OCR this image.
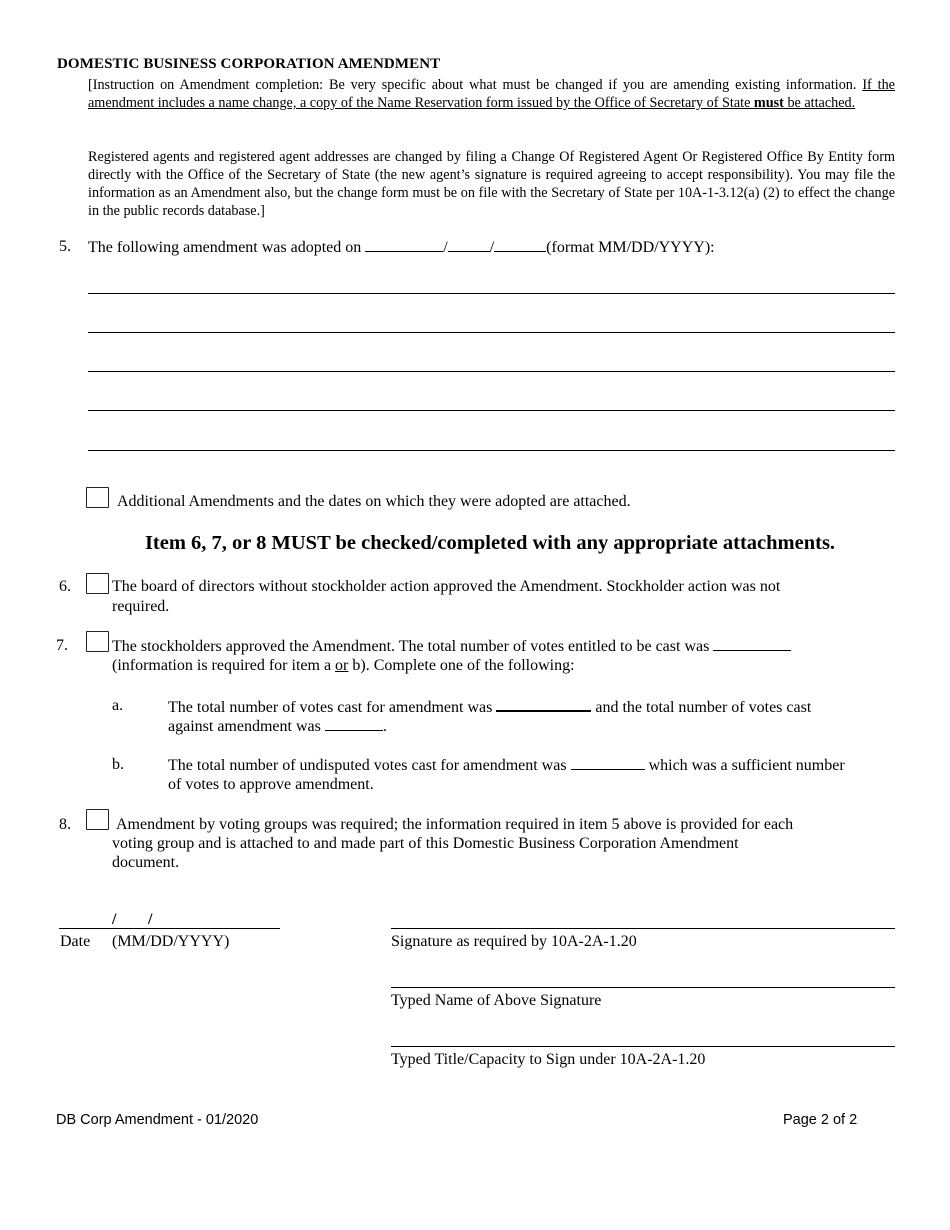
DOMESTIC BUSINESS CORPORATION AMENDMENT
[Instruction on Amendment completion: Be very specific about what must be changed if you are amending existing information. If the amendment includes a name change, a copy of the Name Reservation form issued by the Office of Secretary of State must be attached.
Registered agents and registered agent addresses are changed by filing a Change Of Registered Agent Or Registered Office By Entity form directly with the Office of the Secretary of State (the new agent’s signature is required agreeing to accept responsibility). You may file the information as an Amendment also, but the change form must be on file with the Secretary of State per 10A-1-3.12(a) (2) to effect the change in the public records database.]
5. The following amendment was adopted on	/	/	(format MM/DD/YYYY):
Additional Amendments and the dates on which they were adopted are attached.
Item 6, 7, or 8 MUST be checked/completed with any appropriate attachments.
6.	The board of directors without stockholder action approved the Amendment. Stockholder action was not
required.
7.	The stockholders approved the Amendment. The total number of votes entitled to be cast was
(information is required for item a or b). Complete one of the following:
a.	The total number of votes cast for amendment was	and the total number of votes cast
against amendment was	.
b.	The total number of undisputed votes cast for amendment was	which was a sufficient number
of votes to approve amendment.
8.	Amendment by voting groups was required; the information required in item 5 above is provided for each
voting group and is attached to and made part of this Domestic Business Corporation Amendment
document.
/ /
Date (MM/DD/YYYY)	Signature as required by 10A-2A-1.20
Typed Name of Above Signature
Typed Title/Capacity to Sign under 10A-2A-1.20
DB Corp Amendment - 01/2020	Page 2 of 2
